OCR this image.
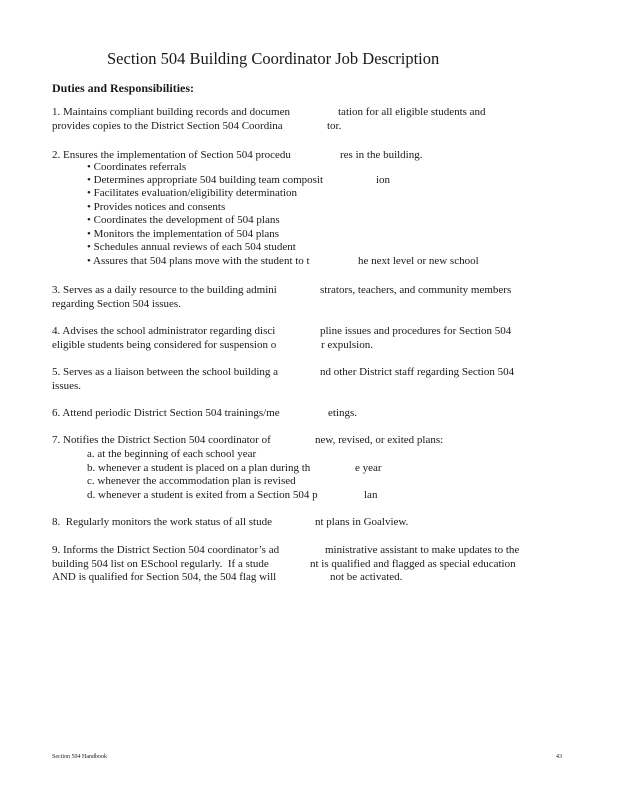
Section 504 Building Coordinator Job Description
Duties and Responsibilities:
1. Maintains compliant building records and documen	tation for all eligible students and
provides copies to the District Section 504 Coordina	tor.
2. Ensures the implementation of Section 504 procedu	res in the building.
• Coordinates referrals
• Determines appropriate 504 building team composit	ion
• Facilitates evaluation/eligibility determination
• Provides notices and consents
• Coordinates the development of 504 plans
• Monitors the implementation of 504 plans
• Schedules annual reviews of each 504 student
• Assures that 504 plans move with the student to t	he next level or new school
3. Serves as a daily resource to the building admini	strators, teachers, and community members
regarding Section 504 issues.
4. Advises the school administrator regarding disci	pline issues and procedures for Section 504
eligible students being considered for suspension o	r expulsion.
5. Serves as a liaison between the school building a	nd other District staff regarding Section 504
issues.
6. Attend periodic District Section 504 trainings/me	etings.
7. Notifies the District Section 504 coordinator of	new, revised, or exited plans:
a. at the beginning of each school year
b. whenever a student is placed on a plan during th	e year
c. whenever the accommodation plan is revised
d. whenever a student is exited from a Section 504 p	lan
8.  Regularly monitors the work status of all stude	nt plans in Goalview.
9. Informs the District Section 504 coordinator’s ad	ministrative assistant to make updates to the
building 504 list on ESchool regularly.  If a stude	nt is qualified and flagged as special education
AND is qualified for Section 504, the 504 flag will	not be activated.
Section 504 Handbook	43
